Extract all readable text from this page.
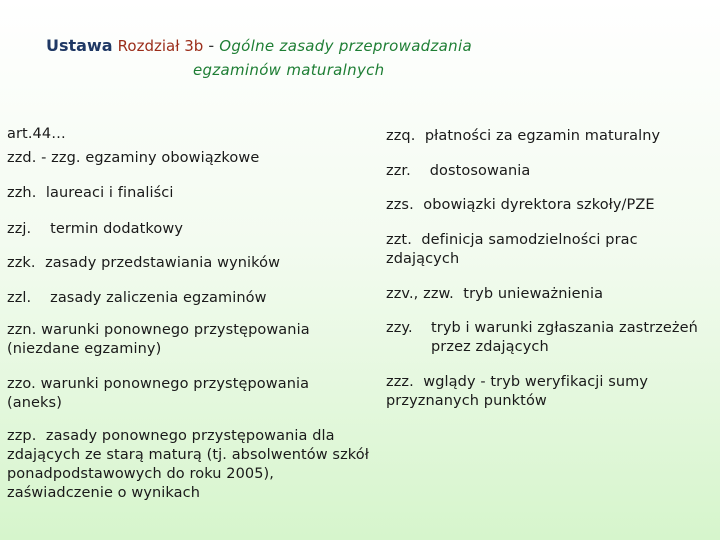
Ustawa Rozdział 3b - Ogólne zasady przeprowadzania
egzaminów maturalnych
art.44…
zzd. - zzg. egzaminy obowiązkowe
zzh. laureaci i finaliści
zzj. termin dodatkowy
zzk. zasady przedstawiania wyników
zzl. zasady zaliczenia egzaminów
zzn. warunki ponownego przystępowania (niezdane egzaminy)
zzo. warunki ponownego przystępowania (aneks)
zzp. zasady ponownego przystępowania dla zdających ze starą maturą (tj. absolwentów szkół ponadpodstawowych do roku 2005), zaświadczenie o wynikach
zzq. płatności za egzamin maturalny
zzr. dostosowania
zzs. obowiązki dyrektora szkoły/PZE
zzt. definicja samodzielności prac zdających
zzv., zzw. tryb unieważnienia
zzy.	tryb i warunki zgłaszania zastrzeżeń przez zdających
zzz. wglądy - tryb weryfikacji sumy przyznanych punktów
